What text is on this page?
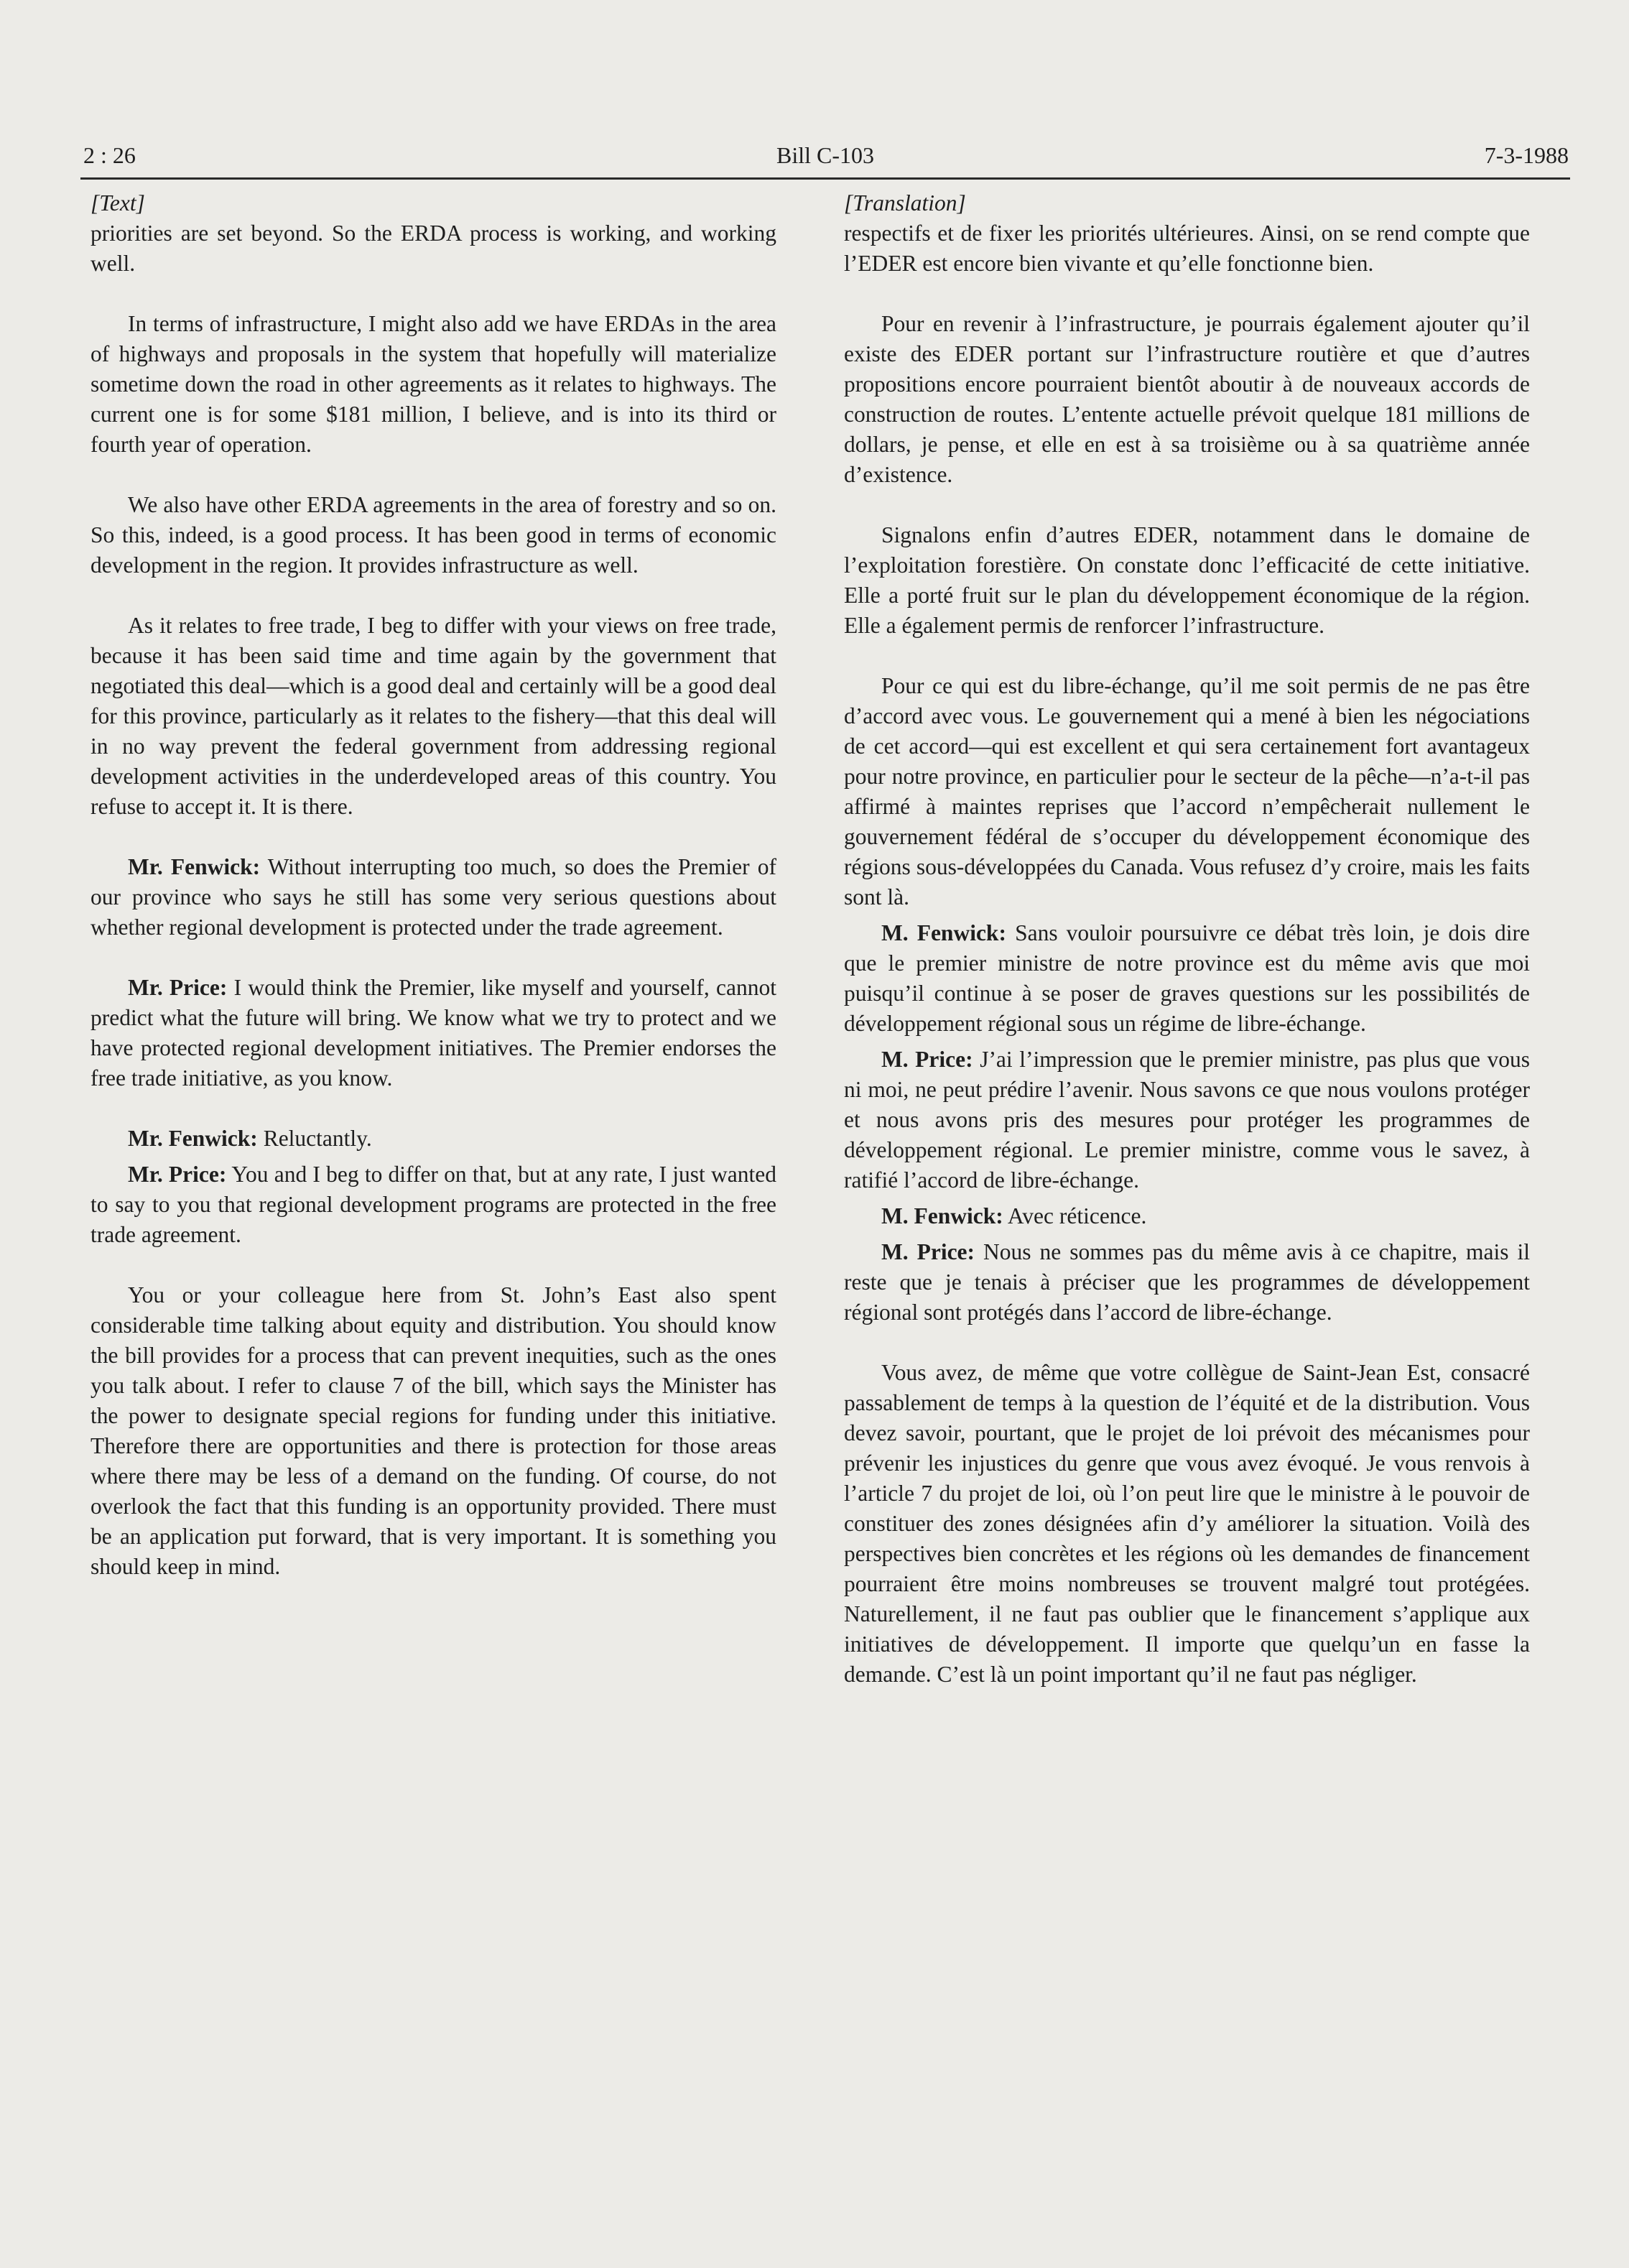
2 : 26	Bill C-103	7-3-1988
[Text]

priorities are set beyond. So the ERDA process is working, and working well.

In terms of infrastructure, I might also add we have ERDAs in the area of highways and proposals in the system that hopefully will materialize sometime down the road in other agreements as it relates to highways. The current one is for some $181 million, I believe, and is into its third or fourth year of operation.

We also have other ERDA agreements in the area of forestry and so on. So this, indeed, is a good process. It has been good in terms of economic development in the region. It provides infrastructure as well.

As it relates to free trade, I beg to differ with your views on free trade, because it has been said time and time again by the government that negotiated this deal—which is a good deal and certainly will be a good deal for this province, particularly as it relates to the fishery—that this deal will in no way prevent the federal government from addressing regional development activities in the underdeveloped areas of this country. You refuse to accept it. It is there.

Mr. Fenwick: Without interrupting too much, so does the Premier of our province who says he still has some very serious questions about whether regional development is protected under the trade agreement.

Mr. Price: I would think the Premier, like myself and yourself, cannot predict what the future will bring. We know what we try to protect and we have protected regional development initiatives. The Premier endorses the free trade initiative, as you know.

Mr. Fenwick: Reluctantly.

Mr. Price: You and I beg to differ on that, but at any rate, I just wanted to say to you that regional development programs are protected in the free trade agreement.

You or your colleague here from St. John’s East also spent considerable time talking about equity and distribution. You should know the bill provides for a process that can prevent inequities, such as the ones you talk about. I refer to clause 7 of the bill, which says the Minister has the power to designate special regions for funding under this initiative. Therefore there are opportunities and there is protection for those areas where there may be less of a demand on the funding. Of course, do not overlook the fact that this funding is an opportunity provided. There must be an application put forward, that is very important. It is something you should keep in mind.

[Translation]

respectifs et de fixer les priorités ultérieures. Ainsi, on se rend compte que l’EDER est encore bien vivante et qu’elle fonctionne bien.

Pour en revenir à l’infrastructure, je pourrais également ajouter qu’il existe des EDER portant sur l’infrastructure routière et que d’autres propositions encore pourraient bientôt aboutir à de nouveaux accords de construction de routes. L’entente actuelle prévoit quelque 181 millions de dollars, je pense, et elle en est à sa troisième ou à sa quatrième année d’existence.

Signalons enfin d’autres EDER, notamment dans le domaine de l’exploitation forestière. On constate donc l’efficacité de cette initiative. Elle a porté fruit sur le plan du développement économique de la région. Elle a également permis de renforcer l’infrastructure.

Pour ce qui est du libre-échange, qu’il me soit permis de ne pas être d’accord avec vous. Le gouvernement qui a mené à bien les négociations de cet accord—qui est excellent et qui sera certainement fort avantageux pour notre province, en particulier pour le secteur de la pêche—n’a-t-il pas affirmé à maintes reprises que l’accord n’empêcherait nullement le gouvernement fédéral de s’occuper du développement économique des régions sous-développées du Canada. Vous refusez d’y croire, mais les faits sont là.

M. Fenwick: Sans vouloir poursuivre ce débat très loin, je dois dire que le premier ministre de notre province est du même avis que moi puisqu’il continue à se poser de graves questions sur les possibilités de développement régional sous un régime de libre-échange.

M. Price: J’ai l’impression que le premier ministre, pas plus que vous ni moi, ne peut prédire l’avenir. Nous savons ce que nous voulons protéger et nous avons pris des mesures pour protéger les programmes de développement régional. Le premier ministre, comme vous le savez, à ratifié l’accord de libre-échange.

M. Fenwick: Avec réticence.

M. Price: Nous ne sommes pas du même avis à ce chapitre, mais il reste que je tenais à préciser que les programmes de développement régional sont protégés dans l’accord de libre-échange.

Vous avez, de même que votre collègue de Saint-Jean Est, consacré passablement de temps à la question de l’équité et de la distribution. Vous devez savoir, pourtant, que le projet de loi prévoit des mécanismes pour prévenir les injustices du genre que vous avez évoqué. Je vous renvois à l’article 7 du projet de loi, où l’on peut lire que le ministre à le pouvoir de constituer des zones désignées afin d’y améliorer la situation. Voilà des perspectives bien concrètes et les régions où les demandes de financement pourraient être moins nombreuses se trouvent malgré tout protégées. Naturellement, il ne faut pas oublier que le financement s’applique aux initiatives de développement. Il importe que quelqu’un en fasse la demande. C’est là un point important qu’il ne faut pas négliger.
